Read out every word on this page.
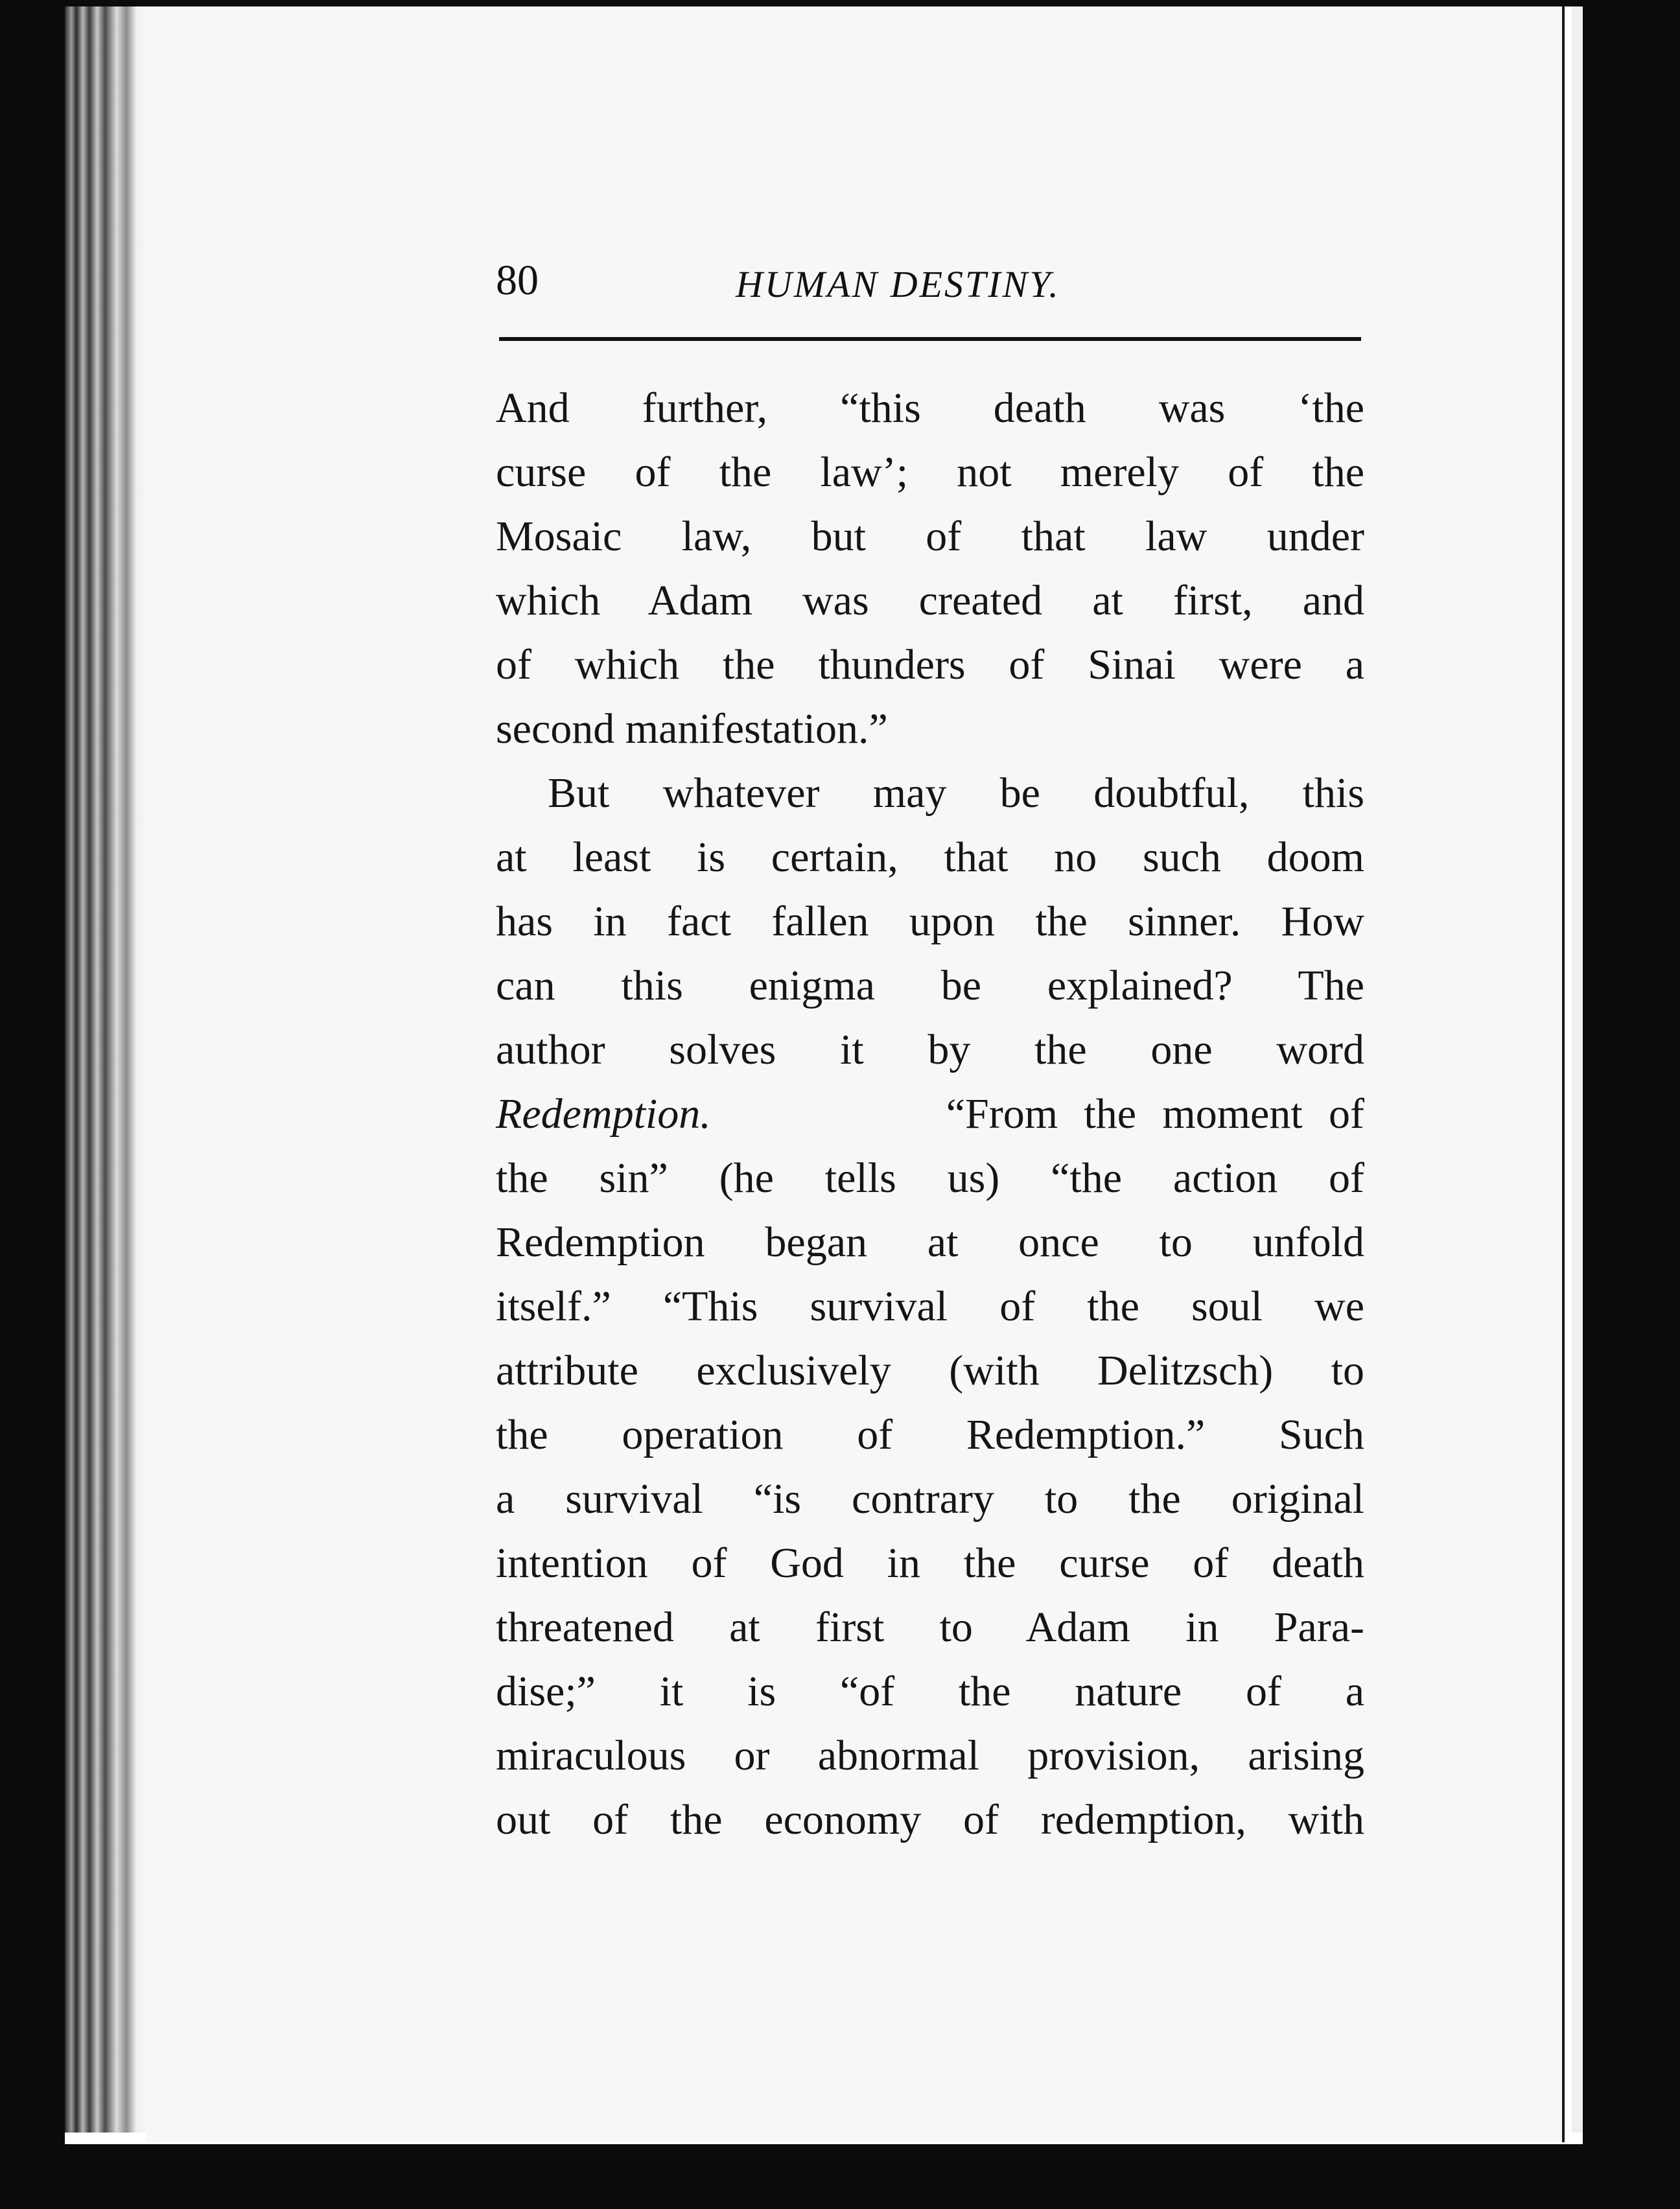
80	HUMAN DESTINY.
And further, “this death was ‘the
curse of the law’; not merely of the
Mosaic law, but of that law under
which Adam was created at first, and
of which the thunders of Sinai were a
second manifestation.”
But whatever may be doubtful, this
at least is certain, that no such doom
has in fact fallen upon the sinner. How
can this enigma be explained? The
author solves it by the one word
Redemption.	“From the moment of
the sin” (he tells us) “the action of
Redemption began at once to unfold
itself.” “This survival of the soul we
attribute exclusively (with Delitzsch) to
the operation of Redemption.” Such
a survival “is contrary to the original
intention of God in the curse of death
threatened at first to Adam in Para-
dise;” it is “of the nature of a
miraculous or abnormal provision, arising
out of the economy of redemption, with
